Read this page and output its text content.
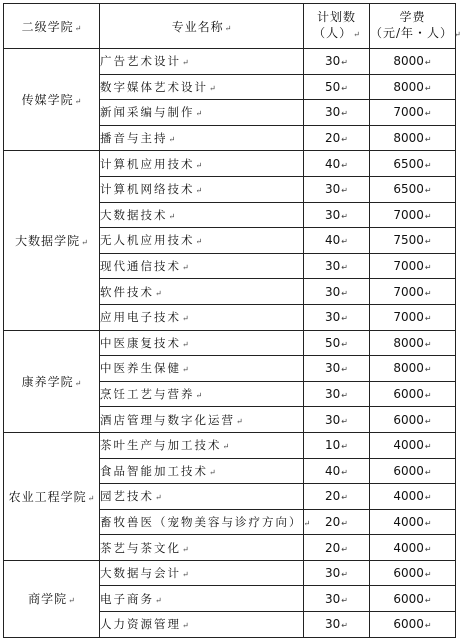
二级学院↵	专业名称↵	计划数
（人）↵	学费
（元/年・人）↵

传媒学院↵	广告艺术设计↵	30↵	8000↵
	数字媒体艺术设计↵	50↵	8000↵
	新闻采编与制作↵	30↵	7000↵
	播音与主持↵	20↵	8000↵
大数据学院↵	计算机应用技术↵	40↵	6500↵
	计算机网络技术↵	30↵	6500↵
	大数据技术↵	30↵	7000↵
	无人机应用技术↵	40↵	7500↵
	现代通信技术↵	30↵	7000↵
	软件技术↵	30↵	7000↵
	应用电子技术↵	30↵	7000↵
康养学院↵	中医康复技术↵	50↵	8000↵
	中医养生保健↵	30↵	8000↵
	烹饪工艺与营养↵	30↵	6000↵
	酒店管理与数字化运营↵	30↵	6000↵
农业工程学院↵	茶叶生产与加工技术↵	10↵	4000↵
	食品智能加工技术↵	40↵	6000↵
	园艺技术↵	20↵	4000↵
	畜牧兽医（宠物美容与诊疗方向）↵	20↵	4000↵
	茶艺与茶文化↵	20↵	4000↵
商学院↵	大数据与会计↵	30↵	6000↵
	电子商务↵	30↵	6000↵
	人力资源管理↵	30↵	6000↵
